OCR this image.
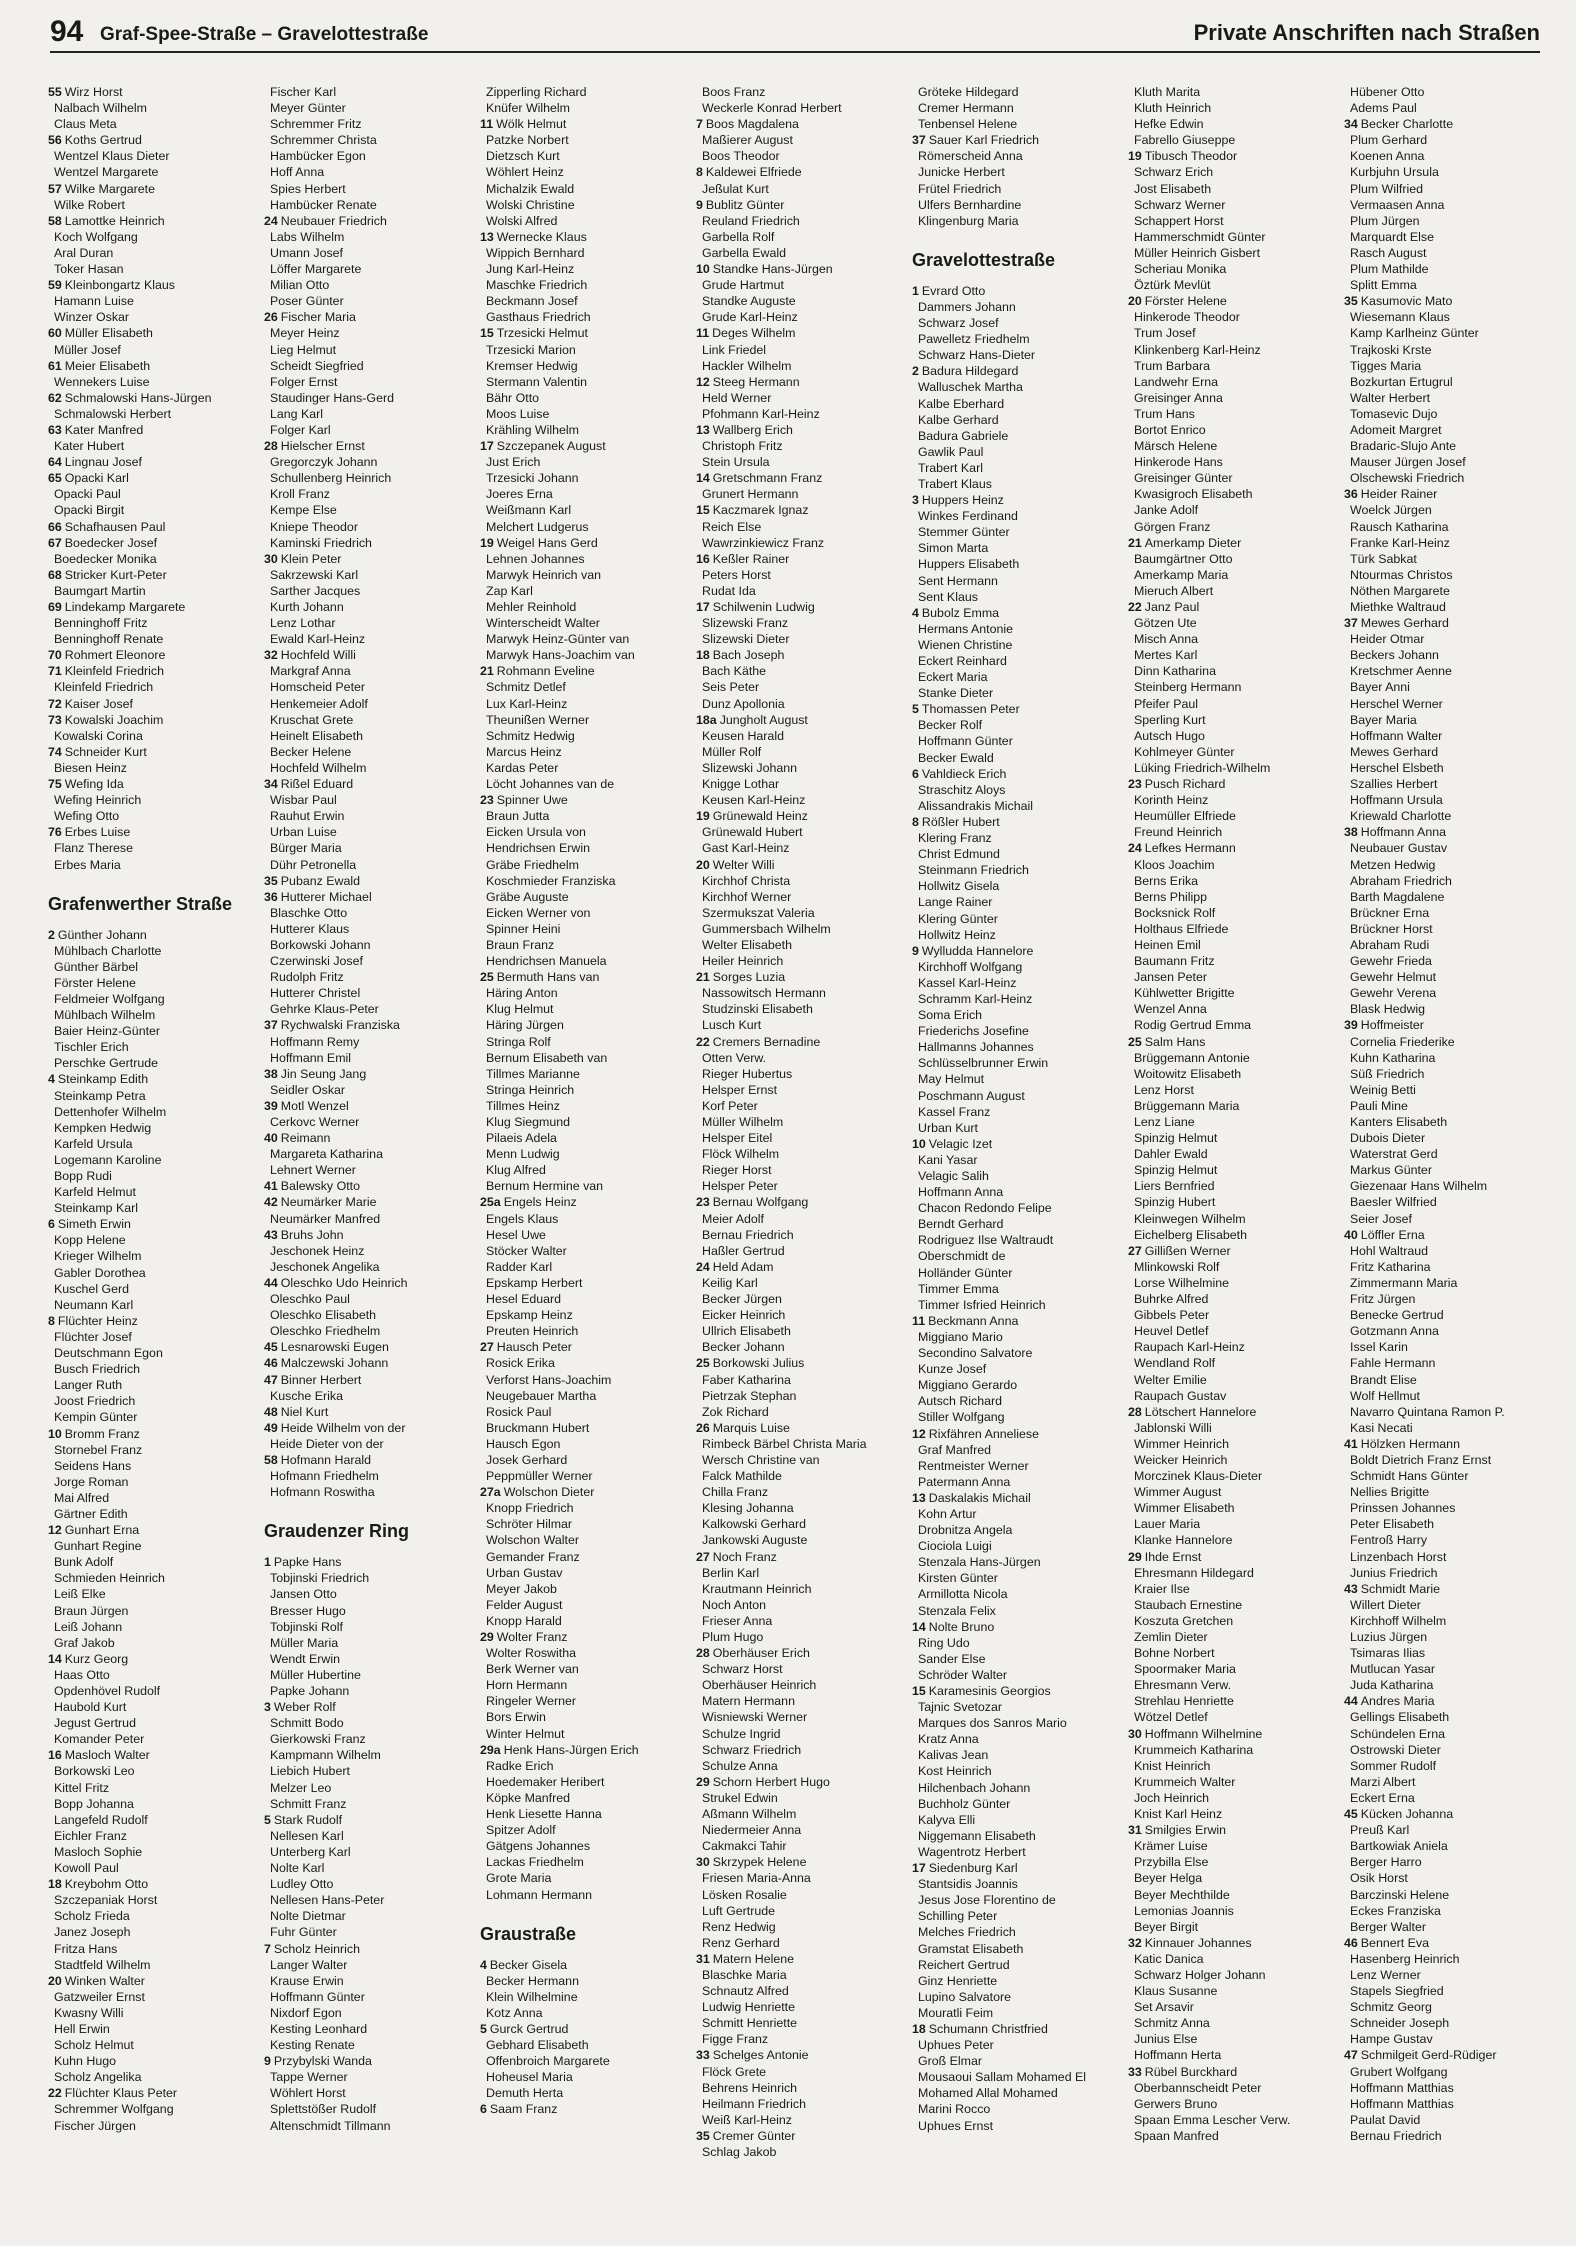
94 Graf-Spee-Straße – Gravelottestraße	Private Anschriften nach Straßen
55 Wirz Horst
Nalbach Wilhelm
Claus Meta
56 Koths Gertrud
Wentzel Klaus Dieter
Wentzel Margarete
57 Wilke Margarete
Wilke Robert
58 Lamottke Heinrich
Koch Wolfgang
Aral Duran
Toker Hasan
59 Kleinbongartz Klaus
Hamann Luise
Winzer Oskar
60 Müller Elisabeth
Müller Josef
61 Meier Elisabeth
Wennekers Luise
62 Schmalowski Hans-Jürgen
Schmalowski Herbert
63 Kater Manfred
Kater Hubert
64 Lingnau Josef
65 Opacki Karl
Opacki Paul
Opacki Birgit
66 Schafhausen Paul
67 Boedecker Josef
Boedecker Monika
68 Stricker Kurt-Peter
Baumgart Martin
69 Lindekamp Margarete
Benninghoff Fritz
Benninghoff Renate
70 Rohmert Eleonore
71 Kleinfeld Friedrich
Kleinfeld Friedrich
72 Kaiser Josef
73 Kowalski Joachim
Kowalski Corina
74 Schneider Kurt
Biesen Heinz
75 Wefing Ida
Wefing Heinrich
Wefing Otto
76 Erbes Luise
Flanz Therese
Erbes Maria
Grafenwerther Straße
2 Günther Johann
Mühlbach Charlotte
Günther Bärbel
Förster Helene
Feldmeier Wolfgang
Mühlbach Wilhelm
Baier Heinz-Günter
Tischler Erich
Perschke Gertrude
4 Steinkamp Edith
Steinkamp Petra
Dettenhofer Wilhelm
Kempken Hedwig
Karfeld Ursula
Logemann Karoline
Bopp Rudi
Karfeld Helmut
Steinkamp Karl
6 Simeth Erwin
Kopp Helene
Krieger Wilhelm
Gabler Dorothea
Kuschel Gerd
Neumann Karl
8 Flüchter Heinz
Flüchter Josef
Deutschmann Egon
Busch Friedrich
Langer Ruth
Joost Friedrich
Kempin Günter
10 Bromm Franz
Stornebel Franz
Seidens Hans
Jorge Roman
Mai Alfred
Gärtner Edith
12 Gunhart Erna
Gunhart Regine
Bunk Adolf
Schmieden Heinrich
Leiß Elke
Braun Jürgen
Leiß Johann
Graf Jakob
14 Kurz Georg
Haas Otto
Opdenhövel Rudolf
Haubold Kurt
Jegust Gertrud
Komander Peter
16 Masloch Walter
Borkowski Leo
Kittel Fritz
Bopp Johanna
Langefeld Rudolf
Eichler Franz
Masloch Sophie
Kowoll Paul
18 Kreybohm Otto
Szczepaniak Horst
Scholz Frieda
Janez Joseph
Fritza Hans
Stadtfeld Wilhelm
20 Winken Walter
Gatzweiler Ernst
Kwasny Willi
Hell Erwin
Scholz Helmut
Kuhn Hugo
Scholz Angelika
22 Flüchter Klaus Peter
Schremmer Wolfgang
Fischer Jürgen
Fischer Karl
Meyer Günter
Schremmer Fritz
Schremmer Christa
Hambücker Egon
Hoff Anna
Spies Herbert
Hambücker Renate
24 Neubauer Friedrich
Labs Wilhelm
Umann Josef
Löffer Margarete
Milian Otto
Poser Günter
26 Fischer Maria
Meyer Heinz
Lieg Helmut
Scheidt Siegfried
Folger Ernst
Staudinger Hans-Gerd
Lang Karl
Folger Karl
28 Hielscher Ernst
Gregorczyk Johann
Schullenberg Heinrich
Kroll Franz
Kempe Else
Kniepe Theodor
Kaminski Friedrich
30 Klein Peter
Sakrzewski Karl
Sarther Jacques
Kurth Johann
Lenz Lothar
Ewald Karl-Heinz
32 Hochfeld Willi
Markgraf Anna
Homscheid Peter
Henkemeier Adolf
Kruschat Grete
Heinelt Elisabeth
Becker Helene
Hochfeld Wilhelm
34 Rißel Eduard
Wisbar Paul
Rauhut Erwin
Urban Luise
Bürger Maria
Dühr Petronella
35 Pubanz Ewald
36 Hutterer Michael
Blaschke Otto
Hutterer Klaus
Borkowski Johann
Czerwinski Josef
Rudolph Fritz
Hutterer Christel
Gehrke Klaus-Peter
37 Rychwalski Franziska
Hoffmann Remy
Hoffmann Emil
38 Jin Seung Jang
Seidler Oskar
39 Motl Wenzel
Cerkovc Werner
40 Reimann
Margareta Katharina
Lehnert Werner
41 Balewsky Otto
42 Neumärker Marie
Neumärker Manfred
43 Bruhs John
Jeschonek Heinz
Jeschonek Angelika
44 Oleschko Udo Heinrich
Oleschko Paul
Oleschko Elisabeth
Oleschko Friedhelm
45 Lesnarowski Eugen
46 Malczewski Johann
47 Binner Herbert
Kusche Erika
48 Niel Kurt
49 Heide Wilhelm von der
Heide Dieter von der
58 Hofmann Harald
Hofmann Friedhelm
Hofmann Roswitha
Graudenzer Ring
1 Papke Hans
Tobjinski Friedrich
Jansen Otto
Bresser Hugo
Tobjinski Rolf
Müller Maria
Wendt Erwin
Müller Hubertine
Papke Johann
3 Weber Rolf
Schmitt Bodo
Gierkowski Franz
Kampmann Wilhelm
Liebich Hubert
Melzer Leo
Schmitt Franz
5 Stark Rudolf
Nellesen Karl
Unterberg Karl
Nolte Karl
Ludley Otto
Nellesen Hans-Peter
Nolte Dietmar
Fuhr Günter
7 Scholz Heinrich
Langer Walter
Krause Erwin
Hoffmann Günter
Nixdorf Egon
Kesting Leonhard
Kesting Renate
9 Przybylski Wanda
Tappe Werner
Wöhlert Horst
Splettstößer Rudolf
Altenschmidt Tillmann
Zipperling Richard
Knüfer Wilhelm
11 Wölk Helmut
Patzke Norbert
Dietzsch Kurt
Wöhlert Heinz
Michalzik Ewald
Wolski Christine
Wolski Alfred
13 Wernecke Klaus
Wippich Bernhard
Jung Karl-Heinz
Maschke Friedrich
Beckmann Josef
Gasthaus Friedrich
15 Trzesicki Helmut
Trzesicki Marion
Kremser Hedwig
Stermann Valentin
Bähr Otto
Moos Luise
Krähling Wilhelm
17 Szczepanek August
Just Erich
Trzesicki Johann
Joeres Erna
Weißmann Karl
Melchert Ludgerus
19 Weigel Hans Gerd
Lehnen Johannes
Marwyk Heinrich van
Zap Karl
Mehler Reinhold
Winterscheidt Walter
Marwyk Heinz-Günter van
Marwyk Hans-Joachim van
21 Rohmann Eveline
Schmitz Detlef
Lux Karl-Heinz
Theunißen Werner
Schmitz Hedwig
Marcus Heinz
Kardas Peter
Löcht Johannes van de
23 Spinner Uwe
Braun Jutta
Eicken Ursula von
Hendrichsen Erwin
Gräbe Friedhelm
Koschmieder Franziska
Gräbe Auguste
Eicken Werner von
Spinner Heini
Braun Franz
Hendrichsen Manuela
25 Bermuth Hans van
Häring Anton
Klug Helmut
Häring Jürgen
Stringa Rolf
Bernum Elisabeth van
Tillmes Marianne
Stringa Heinrich
Tillmes Heinz
Klug Siegmund
Pilaeis Adela
Menn Ludwig
Klug Alfred
Bernum Hermine van
25a Engels Heinz
Engels Klaus
Hesel Uwe
Stöcker Walter
Radder Karl
Epskamp Herbert
Hesel Eduard
Epskamp Heinz
Preuten Heinrich
27 Hausch Peter
Rosick Erika
Verforst Hans-Joachim
Neugebauer Martha
Rosick Paul
Bruckmann Hubert
Hausch Egon
Josek Gerhard
Peppmüller Werner
27a Wolschon Dieter
Knopp Friedrich
Schröter Hilmar
Wolschon Walter
Gemander Franz
Urban Gustav
Meyer Jakob
Felder August
Knopp Harald
29 Wolter Franz
Wolter Roswitha
Berk Werner van
Horn Hermann
Ringeler Werner
Bors Erwin
Winter Helmut
29a Henk Hans-Jürgen Erich
Radke Erich
Hoedemaker Heribert
Köpke Manfred
Henk Liesette Hanna
Spitzer Adolf
Gätgens Johannes
Lackas Friedhelm
Grote Maria
Lohmann Hermann
Graustraße
4 Becker Gisela
Becker Hermann
Klein Wilhelmine
Kotz Anna
5 Gurck Gertrud
Gebhard Elisabeth
Offenbroich Margarete
Hoheusel Maria
Demuth Herta
6 Saam Franz
Boos Franz
Weckerle Konrad Herbert
7 Boos Magdalena
Maßierer August
Boos Theodor
8 Kaldewei Elfriede
Jeßulat Kurt
9 Bublitz Günter
Reuland Friedrich
Garbella Rolf
Garbella Ewald
10 Standke Hans-Jürgen
Grude Hartmut
Standke Auguste
Grude Karl-Heinz
11 Deges Wilhelm
Link Friedel
Hackler Wilhelm
12 Steeg Hermann
Held Werner
Pfohmann Karl-Heinz
13 Wallberg Erich
Christoph Fritz
Stein Ursula
14 Gretschmann Franz
Grunert Hermann
15 Kaczmarek Ignaz
Reich Else
Wawrzinkiewicz Franz
16 Keßler Rainer
Peters Horst
Rudat Ida
17 Schilwenin Ludwig
Slizewski Franz
Slizewski Dieter
18 Bach Joseph
Bach Käthe
Seis Peter
Dunz Apollonia
18a Jungholt August
Keusen Harald
Müller Rolf
Slizewski Johann
Knigge Lothar
Keusen Karl-Heinz
19 Grünewald Heinz
Grünewald Hubert
Gast Karl-Heinz
20 Welter Willi
Kirchhof Christa
Kirchhof Werner
Szermukszat Valeria
Gummersbach Wilhelm
Welter Elisabeth
Heiler Heinrich
21 Sorges Luzia
Nassowitsch Hermann
Studzinski Elisabeth
Lusch Kurt
22 Cremers Bernadine
Otten Verw.
Rieger Hubertus
Helsper Ernst
Korf Peter
Müller Wilhelm
Helsper Eitel
Flöck Wilhelm
Rieger Horst
Helsper Peter
23 Bernau Wolfgang
Meier Adolf
Bernau Friedrich
Haßler Gertrud
24 Held Adam
Keilig Karl
Becker Jürgen
Eicker Heinrich
Ullrich Elisabeth
Becker Johann
25 Borkowski Julius
Faber Katharina
Pietrzak Stephan
Zok Richard
26 Marquis Luise
Rimbeck Bärbel Christa Maria
Wersch Christine van
Falck Mathilde
Chilla Franz
Klesing Johanna
Kalkowski Gerhard
Jankowski Auguste
27 Noch Franz
Berlin Karl
Krautmann Heinrich
Noch Anton
Frieser Anna
Plum Hugo
28 Oberhäuser Erich
Schwarz Horst
Oberhäuser Heinrich
Matern Hermann
Wisniewski Werner
Schulze Ingrid
Schwarz Friedrich
Schulze Anna
29 Schorn Herbert Hugo
Strukel Edwin
Aßmann Wilhelm
Niedermeier Anna
Cakmakci Tahir
30 Skrzypek Helene
Friesen Maria-Anna
Lösken Rosalie
Luft Gertrude
Renz Hedwig
Renz Gerhard
31 Matern Helene
Blaschke Maria
Schnautz Alfred
Ludwig Henriette
Schmitt Henriette
Figge Franz
33 Schelges Antonie
Flöck Grete
Behrens Heinrich
Heilmann Friedrich
Weiß Karl-Heinz
35 Cremer Günter
Schlag Jakob
Gröteke Hildegard
Cremer Hermann
Tenbensel Helene
37 Sauer Karl Friedrich
Römerscheid Anna
Junicke Herbert
Frütel Friedrich
Ulfers Bernhardine
Klingenburg Maria
Gravelottestraße
1 Evrard Otto
Dammers Johann
Schwarz Josef
Pawelletz Friedhelm
Schwarz Hans-Dieter
2 Badura Hildegard
Walluschek Martha
Kalbe Eberhard
Kalbe Gerhard
Badura Gabriele
Gawlik Paul
Trabert Karl
Trabert Klaus
3 Huppers Heinz
Winkes Ferdinand
Stemmer Günter
Simon Marta
Huppers Elisabeth
Sent Hermann
Sent Klaus
4 Bubolz Emma
Hermans Antonie
Wienen Christine
Eckert Reinhard
Eckert Maria
Stanke Dieter
5 Thomassen Peter
Becker Rolf
Hoffmann Günter
Becker Ewald
6 Vahldieck Erich
Straschitz Aloys
Alissandrakis Michail
8 Rößler Hubert
Klering Franz
Christ Edmund
Steinmann Friedrich
Hollwitz Gisela
Lange Rainer
Klering Günter
Hollwitz Heinz
9 Wylludda Hannelore
Kirchhoff Wolfgang
Kassel Karl-Heinz
Schramm Karl-Heinz
Soma Erich
Friederichs Josefine
Hallmanns Johannes
Schlüsselbrunner Erwin
May Helmut
Poschmann August
Kassel Franz
Urban Kurt
10 Velagic Izet
Kani Yasar
Velagic Salih
Hoffmann Anna
Chacon Redondo Felipe
Berndt Gerhard
Rodriguez Ilse Waltraudt
Oberschmidt de
Holländer Günter
Timmer Emma
Timmer Isfried Heinrich
11 Beckmann Anna
Miggiano Mario
Secondino Salvatore
Kunze Josef
Miggiano Gerardo
Autsch Richard
Stiller Wolfgang
12 Rixfähren Anneliese
Graf Manfred
Rentmeister Werner
Patermann Anna
13 Daskalakis Michail
Kohn Artur
Drobnitza Angela
Ciociola Luigi
Stenzala Hans-Jürgen
Kirsten Günter
Armillotta Nicola
Stenzala Felix
14 Nolte Bruno
Ring Udo
Sander Else
Schröder Walter
15 Karamesinis Georgios
Tajnic Svetozar
Marques dos Sanros Mario
Kratz Anna
Kalivas Jean
Kost Heinrich
Hilchenbach Johann
Buchholz Günter
Kalyva Elli
Niggemann Elisabeth
Wagentrotz Herbert
17 Siedenburg Karl
Stantsidis Joannis
Jesus Jose Florentino de
Schilling Peter
Melches Friedrich
Gramstat Elisabeth
Reichert Gertrud
Ginz Henriette
Lupino Salvatore
Mouratli Feim
18 Schumann Christfried
Uphues Peter
Groß Elmar
Mousaoui Sallam Mohamed El
Mohamed Allal Mohamed
Marini Rocco
Uphues Ernst
Kluth Marita
Kluth Heinrich
Hefke Edwin
Fabrello Giuseppe
19 Tibusch Theodor
Schwarz Erich
Jost Elisabeth
Schwarz Werner
Schappert Horst
Hammerschmidt Günter
Müller Heinrich Gisbert
Scheriau Monika
Öztürk Mevlüt
20 Förster Helene
Hinkerode Theodor
Trum Josef
Klinkenberg Karl-Heinz
Trum Barbara
Landwehr Erna
Greisinger Anna
Trum Hans
Bortot Enrico
Märsch Helene
Hinkerode Hans
Greisinger Günter
Kwasigroch Elisabeth
Janke Adolf
Görgen Franz
21 Amerkamp Dieter
Baumgärtner Otto
Amerkamp Maria
Mieruch Albert
22 Janz Paul
Götzen Ute
Misch Anna
Mertes Karl
Dinn Katharina
Steinberg Hermann
Pfeifer Paul
Sperling Kurt
Autsch Hugo
Kohlmeyer Günter
Lüking Friedrich-Wilhelm
23 Pusch Richard
Korinth Heinz
Heumüller Elfriede
Freund Heinrich
24 Lefkes Hermann
Kloos Joachim
Berns Erika
Berns Philipp
Bocksnick Rolf
Holthaus Elfriede
Heinen Emil
Baumann Fritz
Jansen Peter
Kühlwetter Brigitte
Wenzel Anna
Rodig Gertrud Emma
25 Salm Hans
Brüggemann Antonie
Woitowitz Elisabeth
Lenz Horst
Brüggemann Maria
Lenz Liane
Spinzig Helmut
Dahler Ewald
Spinzig Helmut
Liers Bernfried
Spinzig Hubert
Kleinwegen Wilhelm
Eichelberg Elisabeth
27 Gillißen Werner
Mlinkowski Rolf
Lorse Wilhelmine
Buhrke Alfred
Gibbels Peter
Heuvel Detlef
Raupach Karl-Heinz
Wendland Rolf
Welter Emilie
Raupach Gustav
28 Lötschert Hannelore
Jablonski Willi
Wimmer Heinrich
Weicker Heinrich
Morczinek Klaus-Dieter
Wimmer August
Wimmer Elisabeth
Lauer Maria
Klanke Hannelore
29 Ihde Ernst
Ehresmann Hildegard
Kraier Ilse
Staubach Ernestine
Koszuta Gretchen
Zemlin Dieter
Bohne Norbert
Spoormaker Maria
Ehresmann Verw.
Strehlau Henriette
Wötzel Detlef
30 Hoffmann Wilhelmine
Krummeich Katharina
Knist Heinrich
Krummeich Walter
Joch Heinrich
Knist Karl Heinz
31 Smilgies Erwin
Krämer Luise
Przybilla Else
Beyer Helga
Beyer Mechthilde
Lemonias Joannis
Beyer Birgit
32 Kinnauer Johannes
Katic Danica
Schwarz Holger Johann
Klaus Susanne
Set Arsavir
Schmitz Anna
Junius Else
Hoffmann Herta
33 Rübel Burckhard
Oberbannscheidt Peter
Gerwers Bruno
Spaan Emma Lescher Verw.
Spaan Manfred
Hübener Otto
Adems Paul
34 Becker Charlotte
Plum Gerhard
Koenen Anna
Kurbjuhn Ursula
Plum Wilfried
Vermaasen Anna
Plum Jürgen
Marquardt Else
Rasch August
Plum Mathilde
Splitt Emma
35 Kasumovic Mato
Wiesemann Klaus
Kamp Karlheinz Günter
Trajkoski Krste
Tigges Maria
Bozkurtan Ertugrul
Walter Herbert
Tomasevic Dujo
Adomeit Margret
Bradaric-Slujo Ante
Mauser Jürgen Josef
Olschewski Friedrich
36 Heider Rainer
Woelck Jürgen
Rausch Katharina
Franke Karl-Heinz
Türk Sabkat
Ntourmas Christos
Nöthen Margarete
Miethke Waltraud
37 Mewes Gerhard
Heider Otmar
Beckers Johann
Kretschmer Aenne
Bayer Anni
Herschel Werner
Bayer Maria
Hoffmann Walter
Mewes Gerhard
Herschel Elsbeth
Szallies Herbert
Hoffmann Ursula
Kriewald Charlotte
38 Hoffmann Anna
Neubauer Gustav
Metzen Hedwig
Abraham Friedrich
Barth Magdalene
Brückner Erna
Brückner Horst
Abraham Rudi
Gewehr Frieda
Gewehr Helmut
Gewehr Verena
Blask Hedwig
39 Hoffmeister
Cornelia Friederike
Kuhn Katharina
Süß Friedrich
Weinig Betti
Pauli Mine
Kanters Elisabeth
Dubois Dieter
Waterstrat Gerd
Markus Günter
Giezenaar Hans Wilhelm
Baesler Wilfried
Seier Josef
40 Löffler Erna
Hohl Waltraud
Fritz Katharina
Zimmermann Maria
Fritz Jürgen
Benecke Gertrud
Gotzmann Anna
Issel Karin
Fahle Hermann
Brandt Elise
Wolf Hellmut
Navarro Quintana Ramon P.
Kasi Necati
41 Hölzken Hermann
Boldt Dietrich Franz Ernst
Schmidt Hans Günter
Nellies Brigitte
Prinssen Johannes
Peter Elisabeth
Fentroß Harry
Linzenbach Horst
Junius Friedrich
43 Schmidt Marie
Willert Dieter
Kirchhoff Wilhelm
Luzius Jürgen
Tsimaras Ilias
Mutlucan Yasar
Juda Katharina
44 Andres Maria
Gellings Elisabeth
Schündelen Erna
Ostrowski Dieter
Sommer Rudolf
Marzi Albert
Eckert Erna
45 Kücken Johanna
Preuß Karl
Bartkowiak Aniela
Berger Harro
Osik Horst
Barczinski Helene
Eckes Franziska
Berger Walter
46 Bennert Eva
Hasenberg Heinrich
Lenz Werner
Stapels Siegfried
Schmitz Georg
Schneider Joseph
Hampe Gustav
47 Schmilgeit Gerd-Rüdiger
Grubert Wolfgang
Hoffmann Matthias
Hoffmann Matthias
Paulat David
Bernau Friedrich
